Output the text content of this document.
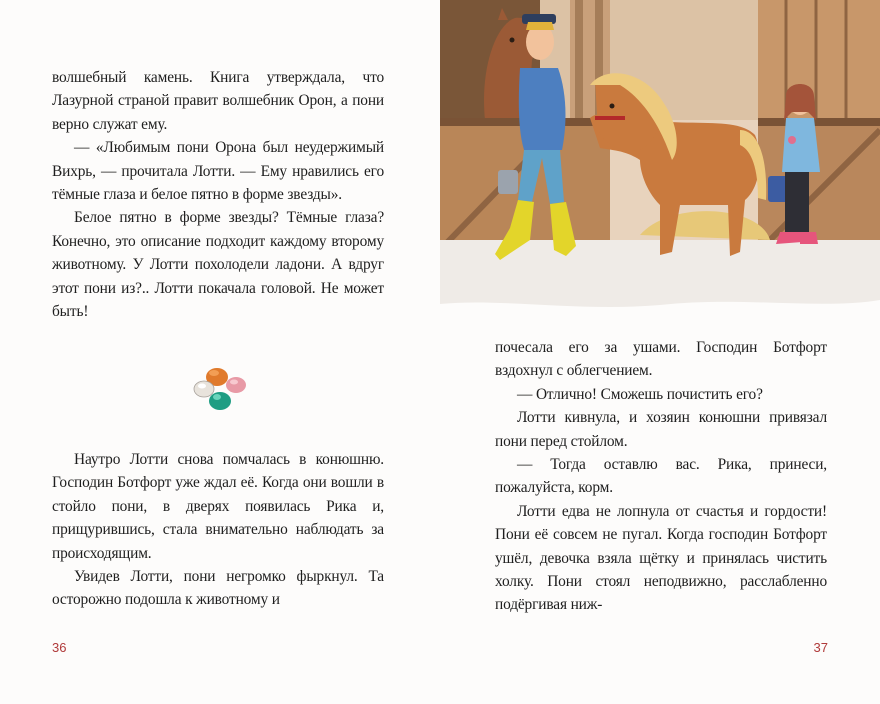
волшебный камень. Книга утверждала, что Лазурной страной правит волшебник Орон, а пони верно служат ему.

— «Любимым пони Орона был неудержимый Вихрь, — прочитала Лотти. — Ему нравились его тёмные глаза и белое пятно в форме звезды».

Белое пятно в форме звезды? Тёмные глаза? Конечно, это описание подходит каждому второму животному. У Лотти похолодели ладони. А вдруг этот пони из?.. Лотти покачала головой. Не может быть!

Наутро Лотти снова помчалась в конюшню. Господин Ботфорт уже ждал её. Когда они вошли в стойло пони, в дверях появилась Рика и, прищурившись, стала внимательно наблюдать за происходящим.

Увидев Лотти, пони негромко фыркнул. Та осторожно подошла к животному и

36

почесала его за ушами. Господин Ботфорт вздохнул с облегчением.

— Отлично! Сможешь почистить его?

Лотти кивнула, и хозяин конюшни привязал пони перед стойлом.

— Тогда оставлю вас. Рика, принеси, пожалуйста, корм.

Лотти едва не лопнула от счастья и гордости! Пони её совсем не пугал. Когда господин Ботфорт ушёл, девочка взяла щётку и принялась чистить холку. Пони стоял неподвижно, расслабленно подёргивая ниж-

37
